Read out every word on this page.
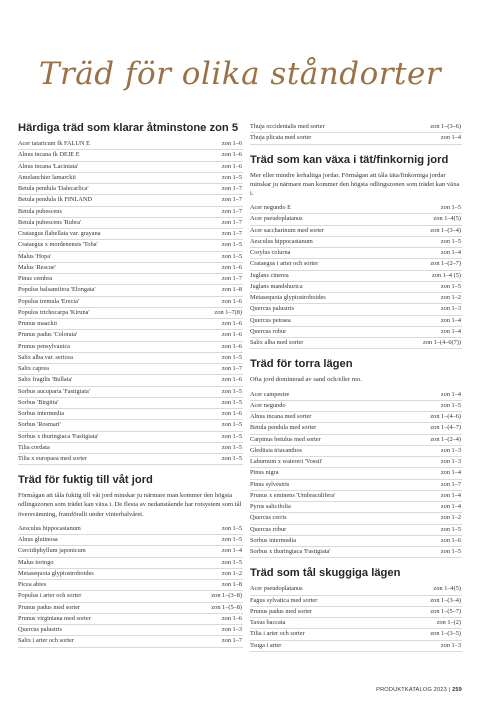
Träd för olika ståndorter
Härdiga träd som klarar åtminstone zon 5
Acer tataricum fk FALUN E	zon 1–6
Alnus incana fk DEJE E	zon 1–6
Alnus incana 'Laciniata'	zon 1–6
Amelanchier lamarckii	zon 1–5
Betula pendula 'Dalecarlica'	zon 1–7
Betula pendula fk FINLAND	zon 1–7
Betula pubescens	zon 1–7
Betula pubescens 'Rubra'	zon 1–7
Crataegus flabellata var. grayana	zon 1–7
Crataegus x mordenensis 'Toba'	zon 1–5
Malus 'Hopa'	zon 1–5
Malus 'Rescue'	zon 1–6
Pinus cembra	zon 1–7
Populus balsamifera 'Elongata'	zon 1–8
Populus tremula 'Erecta'	zon 1–6
Populus trichocarpa 'Kiruna'	zon 1–7(8)
Prunus maackii	zon 1–6
Prunus padus 'Colorata'	zon 1–6
Prunus pensylvanica	zon 1–6
Salix alba var. sericea	zon 1–5
Salix caprea	zon 1–7
Salix fragilis 'Bullata'	zon 1–6
Sorbus aucuparia 'Fastigiata'	zon 1–5
Sorbus 'Birgitta'	zon 1–5
Sorbus intermedia	zon 1–6
Sorbus 'Rosmari'	zon 1–5
Sorbus x thuringiaca 'Fastigiata'	zon 1–5
Tilia cordata	zon 1–5
Tilia x europaea med sorter	zon 1–5
Träd för fuktig till våt jord

Förmågan att tåla fuktig till våt jord minskar ju närmare man kommer den högsta odlingszonen som trädet kan växa i. De flesta av nedanstående har rotsystem som tål översvämning, framförallt under vinterhalvåret.

Aesculus hippocastanum	zon 1–5
Alnus glutinosa	zon 1–5
Cercidiphyllum japonicum	zon 1–4
Malus toringo	zon 1–5
Metasequoia glyptostroboides	zon 1–2
Picea abies	zon 1–8
Populus i arter och sorter	zon 1–(3–8)
Prunus padus med sorter	zon 1–(5–8)
Prunus virginiana med sorter	zon 1–6
Quercus palustris	zon 1–3
Salix i arter och sorter	zon 1–7
Thuja occidentalis med sorter	zon 1–(3–6)
Thuja plicata med sorter	zon 1–4
Träd som kan växa i tät/finkornig jord

Mer eller mindre lerhaltiga jordar. Förmågan att tåla täta/finkorniga jordar minskar ju närmare man kommer den högsta odlingszonen som trädet kan växa i.

Acer negundo E	zon 1–5
Acer pseudoplatanus	zon 1–4(5)
Acer saccharinum med sorter	zon 1–(3–4)
Aesculus hippocastanum	zon 1–5
Corylus colurna	zon 1–4
Crataegus i arter och sorter	zon 1–(2–7)
Juglans cinerea	zon 1–4 (5)
Juglans mandshurica	zon 1–5
Metasequoia glyptostroboides	zon 1–2
Quercus palustris	zon 1–3
Quercus petraea	zon 1–4
Quercus robur	zon 1–4
Salix alba med sorter	zon 1–(4–6(7))
Träd för torra lägen

Ofta jord dominerad av sand och/eller mo.

Acer campestre	zon 1–4
Acer negundo	zon 1–5
Alnus incana med sorter	zon 1–(4–6)
Betula pendula med sorter	zon 1–(4–7)
Carpinus betulus med sorter	zon 1–(2–4)
Gleditsia triacanthos	zon 1–3
Laburnum x watereri 'Vossii'	zon 1–3
Pinus nigra	zon 1–4
Pinus sylvestris	zon 1–7
Prunus x eminens 'Umbraculifera'	zon 1–4
Pyrus salicifolia	zon 1–4
Quercus cerris	zon 1–2
Quercus robur	zon 1–5
Sorbus intermedia	zon 1–6
Sorbus x thuringiaca 'Fastigiata'	zon 1–5
Träd som tål skuggiga lägen
Acer pseudoplatanus	zon 1–4(5)
Fagus sylvatica med sorter	zon 1–(3–4)
Prunus padus med sorter	zon 1–(5–7)
Taxus baccata	zon 1–(2)
Tilia i arter och sorter	zon 1–(3–5)
Tsuga i arter	zon 1–3
PRODUKTKATALOG 2023 | 259
